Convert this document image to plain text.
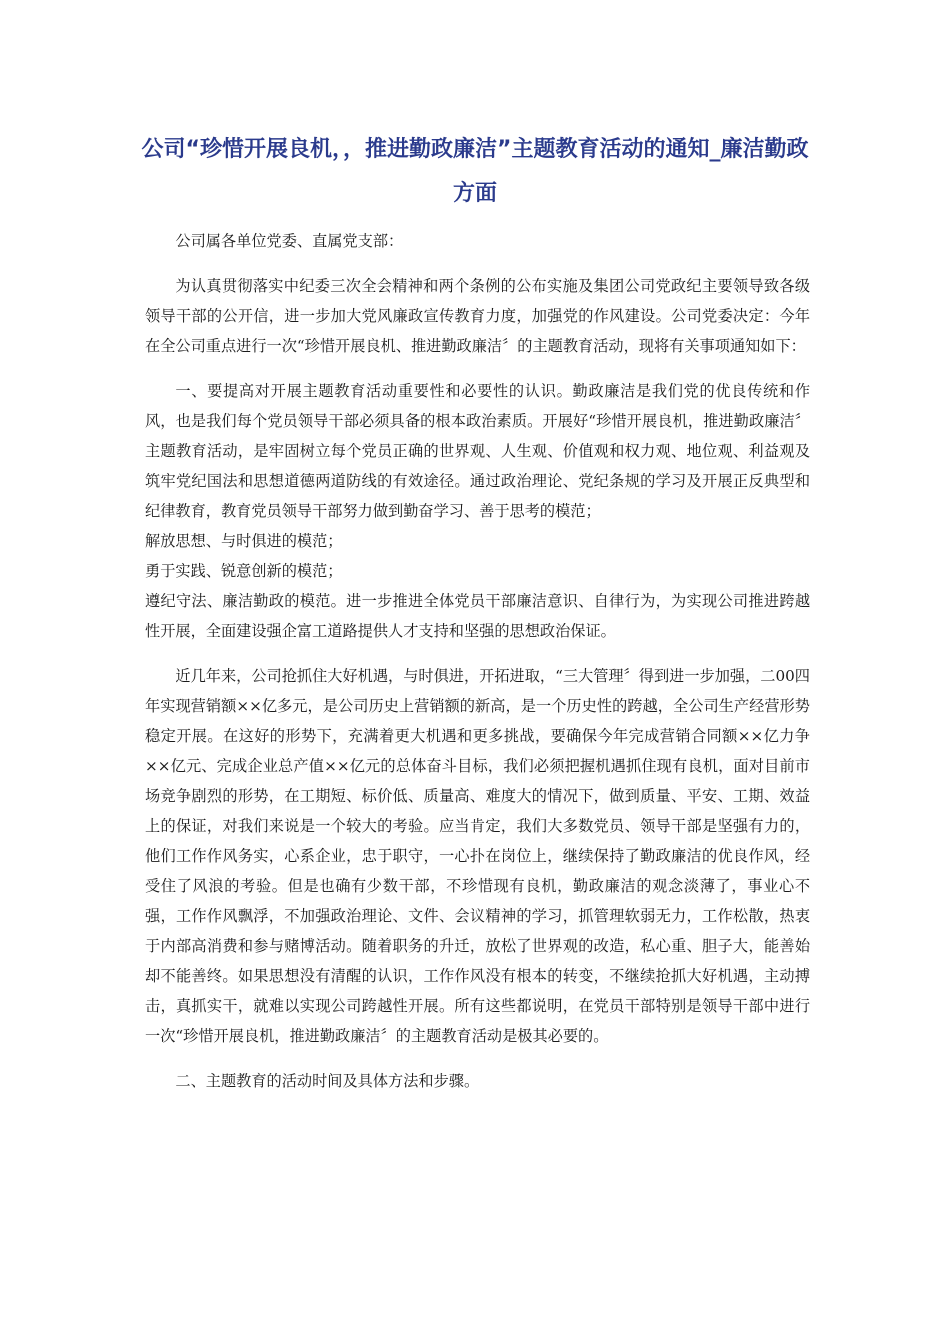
公司“珍惜开展良机，，推进勤政廉洁”主题教育活动的通知_廉洁勤政方面

公司属各单位党委、直属党支部：

为认真贯彻落实中纪委三次全会精神和两个条例的公布实施及集团公司党政纪主要领导致各级领导干部的公开信，进一步加大党风廉政宣传教育力度，加强党的作风建设。公司党委决定：今年在全公司重点进行一次“珍惜开展良机、推进勤政廉洁〞的主题教育活动，现将有关事项通知如下：

一、要提高对开展主题教育活动重要性和必要性的认识。勤政廉洁是我们党的优良传统和作风，也是我们每个党员领导干部必须具备的根本政治素质。开展好“珍惜开展良机，推进勤政廉洁〞主题教育活动，是牢固树立每个党员正确的世界观、人生观、价值观和权力观、地位观、利益观及筑牢党纪国法和思想道德两道防线的有效途径。通过政治理论、党纪条规的学习及开展正反典型和纪律教育，教育党员领导干部努力做到勤奋学习、善于思考的模范；

解放思想、与时俱进的模范；

勇于实践、锐意创新的模范；

遵纪守法、廉洁勤政的模范。进一步推进全体党员干部廉洁意识、自律行为，为实现公司推进跨越性开展，全面建设强企富工道路提供人才支持和坚强的思想政治保证。

近几年来，公司抢抓住大好机遇，与时俱进，开拓进取，“三大管理〞得到进一步加强，二00四年实现营销额××亿多元，是公司历史上营销额的新高，是一个历史性的跨越，全公司生产经营形势稳定开展。在这好的形势下，充满着更大机遇和更多挑战，要确保今年完成营销合同额××亿力争××亿元、完成企业总产值××亿元的总体奋斗目标，我们必须把握机遇抓住现有良机，面对目前市场竞争剧烈的形势，在工期短、标价低、质量高、难度大的情况下，做到质量、平安、工期、效益上的保证，对我们来说是一个较大的考验。应当肯定，我们大多数党员、领导干部是坚强有力的，他们工作作风务实，心系企业，忠于职守，一心扑在岗位上，继续保持了勤政廉洁的优良作风，经受住了风浪的考验。但是也确有少数干部，不珍惜现有良机，勤政廉洁的观念淡薄了，事业心不强，工作作风飘浮，不加强政治理论、文件、会议精神的学习，抓管理软弱无力，工作松散，热衷于内部高消费和参与赌博活动。随着职务的升迁，放松了世界观的改造，私心重、胆子大，能善始却不能善终。如果思想没有清醒的认识，工作作风没有根本的转变，不继续抢抓大好机遇，主动搏击，真抓实干，就难以实现公司跨越性开展。所有这些都说明，在党员干部特别是领导干部中进行一次“珍惜开展良机，推进勤政廉洁〞的主题教育活动是极其必要的。

二、主题教育的活动时间及具体方法和步骤。
